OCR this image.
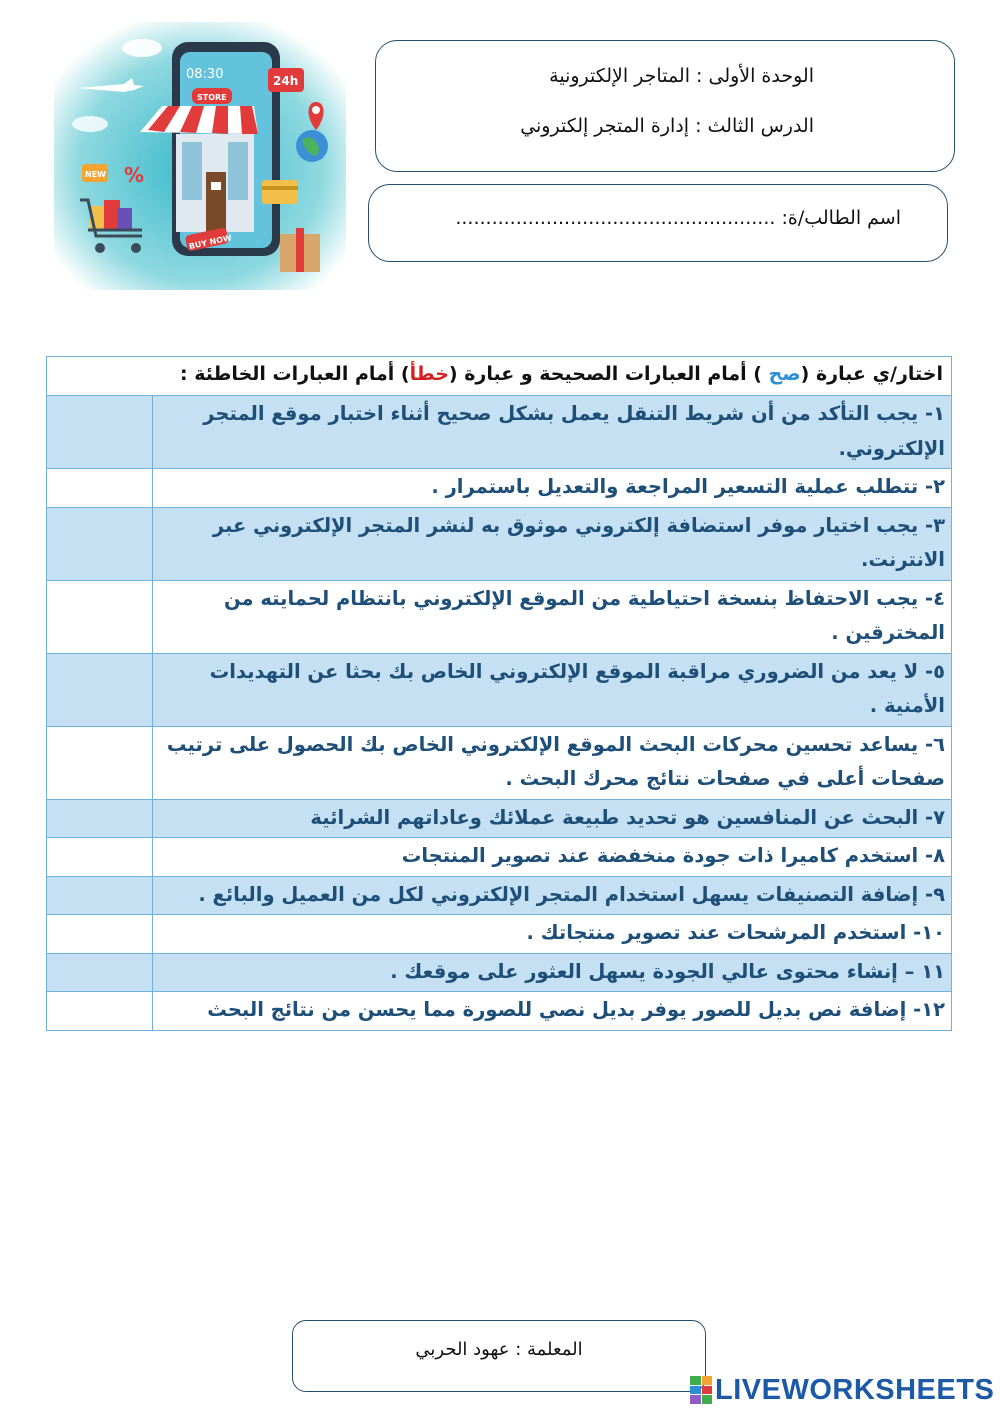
08:30	24h
STORE
BUY NOW
%
NEW
الوحدة الأولى : المتاجر الإلكترونية
الدرس الثالث : إدارة المتجر إلكتروني
اسم الطالب/ة: .....................................................
اختار/ي عبارة (صح ) أمام العبارات الصحيحة و عبارة (خطأ) أمام العبارات الخاطئة :	
١- يجب التأكد من أن شريط التنقل يعمل بشكل صحيح أثناء اختبار موقع المتجر الإلكتروني.	
٢- تتطلب عملية التسعير المراجعة والتعديل باستمرار .	
٣- يجب اختيار موفر استضافة إلكتروني موثوق به لنشر المتجر الإلكتروني عبر الانترنت.	
٤- يجب الاحتفاظ بنسخة احتياطية من الموقع الإلكتروني بانتظام لحمايته من المخترقين .	
٥- لا يعد من الضروري مراقبة الموقع الإلكتروني الخاص بك بحثا عن التهديدات الأمنية .	
٦- يساعد تحسين محركات البحث الموقع الإلكتروني الخاص بك الحصول على ترتيب صفحات أعلى في صفحات نتائج محرك البحث .	
٧- البحث عن المنافسين هو تحديد طبيعة عملائك وعاداتهم الشرائية	
٨- استخدم كاميرا ذات جودة منخفضة عند تصوير المنتجات	
٩- إضافة التصنيفات يسهل استخدام المتجر الإلكتروني لكل من العميل والبائع .	
١٠- استخدم المرشحات عند تصوير منتجاتك .	
١١ – إنشاء محتوى عالي الجودة يسهل العثور على موقعك .	
١٢- إضافة نص بديل للصور يوفر بديل نصي للصورة مما يحسن من نتائج البحث	
المعلمة : عهود الحربي
LIVEWORKSHEETS
